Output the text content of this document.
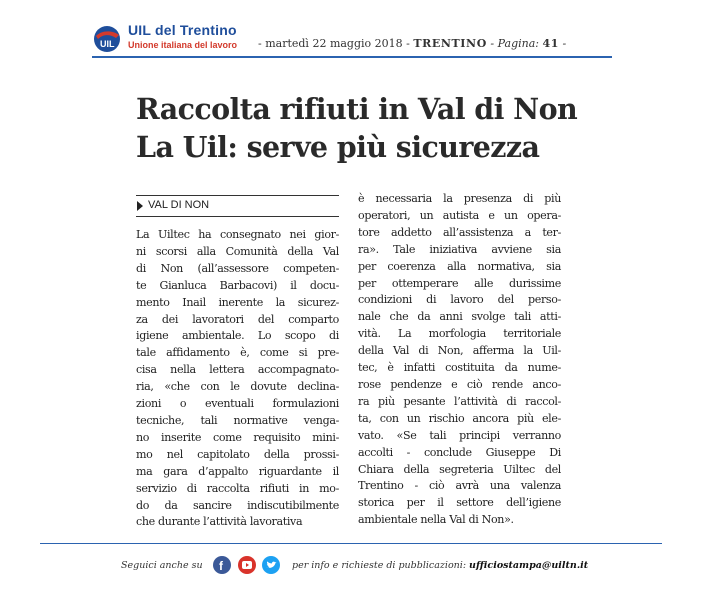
UIL
UIL del Trentino
Unione italiana del lavoro - martedì 22 maggio 2018 - TRENTINO - Pagina: 41 -
Raccolta rifiuti in Val di Non
La Uil: serve più sicurezza
VAL DI NON
La Uiltec ha consegnato nei gior-
ni scorsi alla Comunità della Val
di Non (all’assessore competen-
te Gianluca Barbacovi) il docu-
mento Inail inerente la sicurez-
za dei lavoratori del comparto
igiene ambientale. Lo scopo di
tale affidamento è, come si pre-
cisa nella lettera accompagnato-
ria, «che con le dovute declina-
zioni o eventuali formulazioni
tecniche, tali normative venga-
no inserite come requisito mini-
mo nel capitolato della prossi-
ma gara d’appalto riguardante il
servizio di raccolta rifiuti in mo-
do da sancire indiscutibilmente
che durante l’attività lavorativa
è necessaria la presenza di più
operatori, un autista e un opera-
tore addetto all’assistenza a ter-
ra». Tale iniziativa avviene sia
per coerenza alla normativa, sia
per ottemperare alle durissime
condizioni di lavoro del perso-
nale che da anni svolge tali atti-
vità. La morfologia territoriale
della Val di Non, afferma la Uil-
tec, è infatti costituita da nume-
rose pendenze e ciò rende anco-
ra più pesante l’attività di raccol-
ta, con un rischio ancora più ele-
vato. «Se tali principi verranno
accolti - conclude Giuseppe Di
Chiara della segreteria Uiltec del
Trentino - ciò avrà una valenza
storica per il settore dell’igiene
ambientale nella Val di Non».
Seguici anche su f	per info e richieste di pubblicazioni: ufficiostampa@uiltn.it
